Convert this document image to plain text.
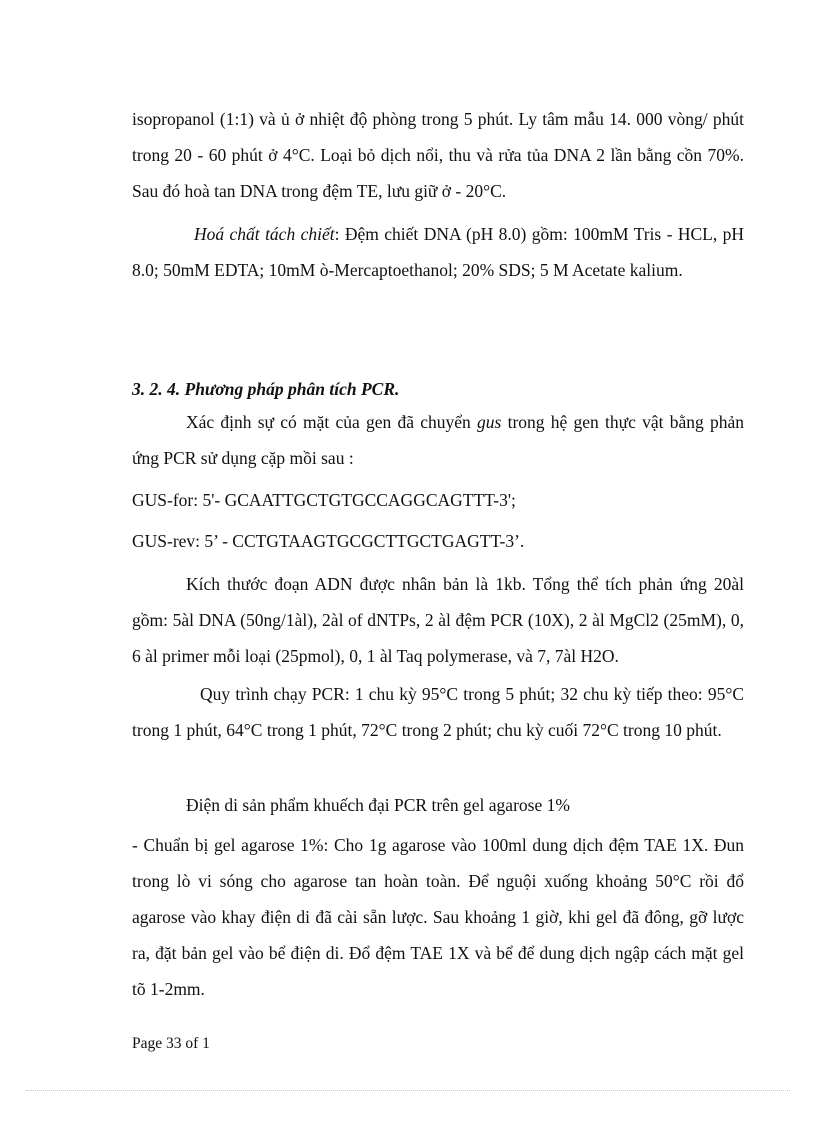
isopropanol (1:1) và ủ ở nhiệt độ phòng trong 5 phút. Ly tâm mẫu 14. 000 vòng/ phút trong 20 - 60 phút ở 4°C. Loại bỏ dịch nổi, thu và rửa tủa DNA 2 lần bằng cồn 70%. Sau đó hoà tan DNA trong đệm TE, lưu giữ ở - 20°C.

Hoá chất tách chiết: Đệm chiết DNA (pH 8.0) gồm: 100mM Tris - HCL, pH 8.0; 50mM EDTA; 10mM ò-Mercaptoethanol; 20% SDS; 5 M Acetate kalium.

3. 2. 4. Phương pháp phân tích PCR.

Xác định sự có mặt của gen đã chuyển gus trong hệ gen thực vật bằng phản ứng PCR sử dụng cặp mồi sau :

GUS-for: 5'- GCAATTGCTGTGCCAGGCAGTTT-3';

GUS-rev: 5’ - CCTGTAAGTGCGCTTGCTGAGTT-3’.

Kích thước đoạn ADN được nhân bản là 1kb. Tổng thể tích phản ứng 20àl gồm: 5àl DNA (50ng/1àl), 2àl of dNTPs, 2 àl đệm PCR (10X), 2 àl MgCl2 (25mM), 0, 6 àl primer mỗi loại (25pmol), 0, 1 àl Taq polymerase, và 7, 7àl H2O.

Quy trình chạy PCR: 1 chu kỳ 95°C trong 5 phút; 32 chu kỳ tiếp theo: 95°C trong 1 phút, 64°C trong 1 phút, 72°C trong 2 phút; chu kỳ cuối 72°C trong 10 phút.

Điện di sản phẩm khuếch đại PCR trên gel agarose 1%

- Chuẩn bị gel agarose 1%: Cho 1g agarose vào 100ml dung dịch đệm TAE 1X. Đun trong lò vi sóng cho agarose tan hoàn toàn. Để nguội xuống khoảng 50°C rồi đổ agarose vào khay điện di đã cài sẵn lược. Sau khoảng 1 giờ, khi gel đã đông, gỡ lược ra, đặt bản gel vào bể điện di. Đổ đệm TAE 1X và bể để dung dịch ngập cách mặt gel tõ 1-2mm.

Page 33 of 1
